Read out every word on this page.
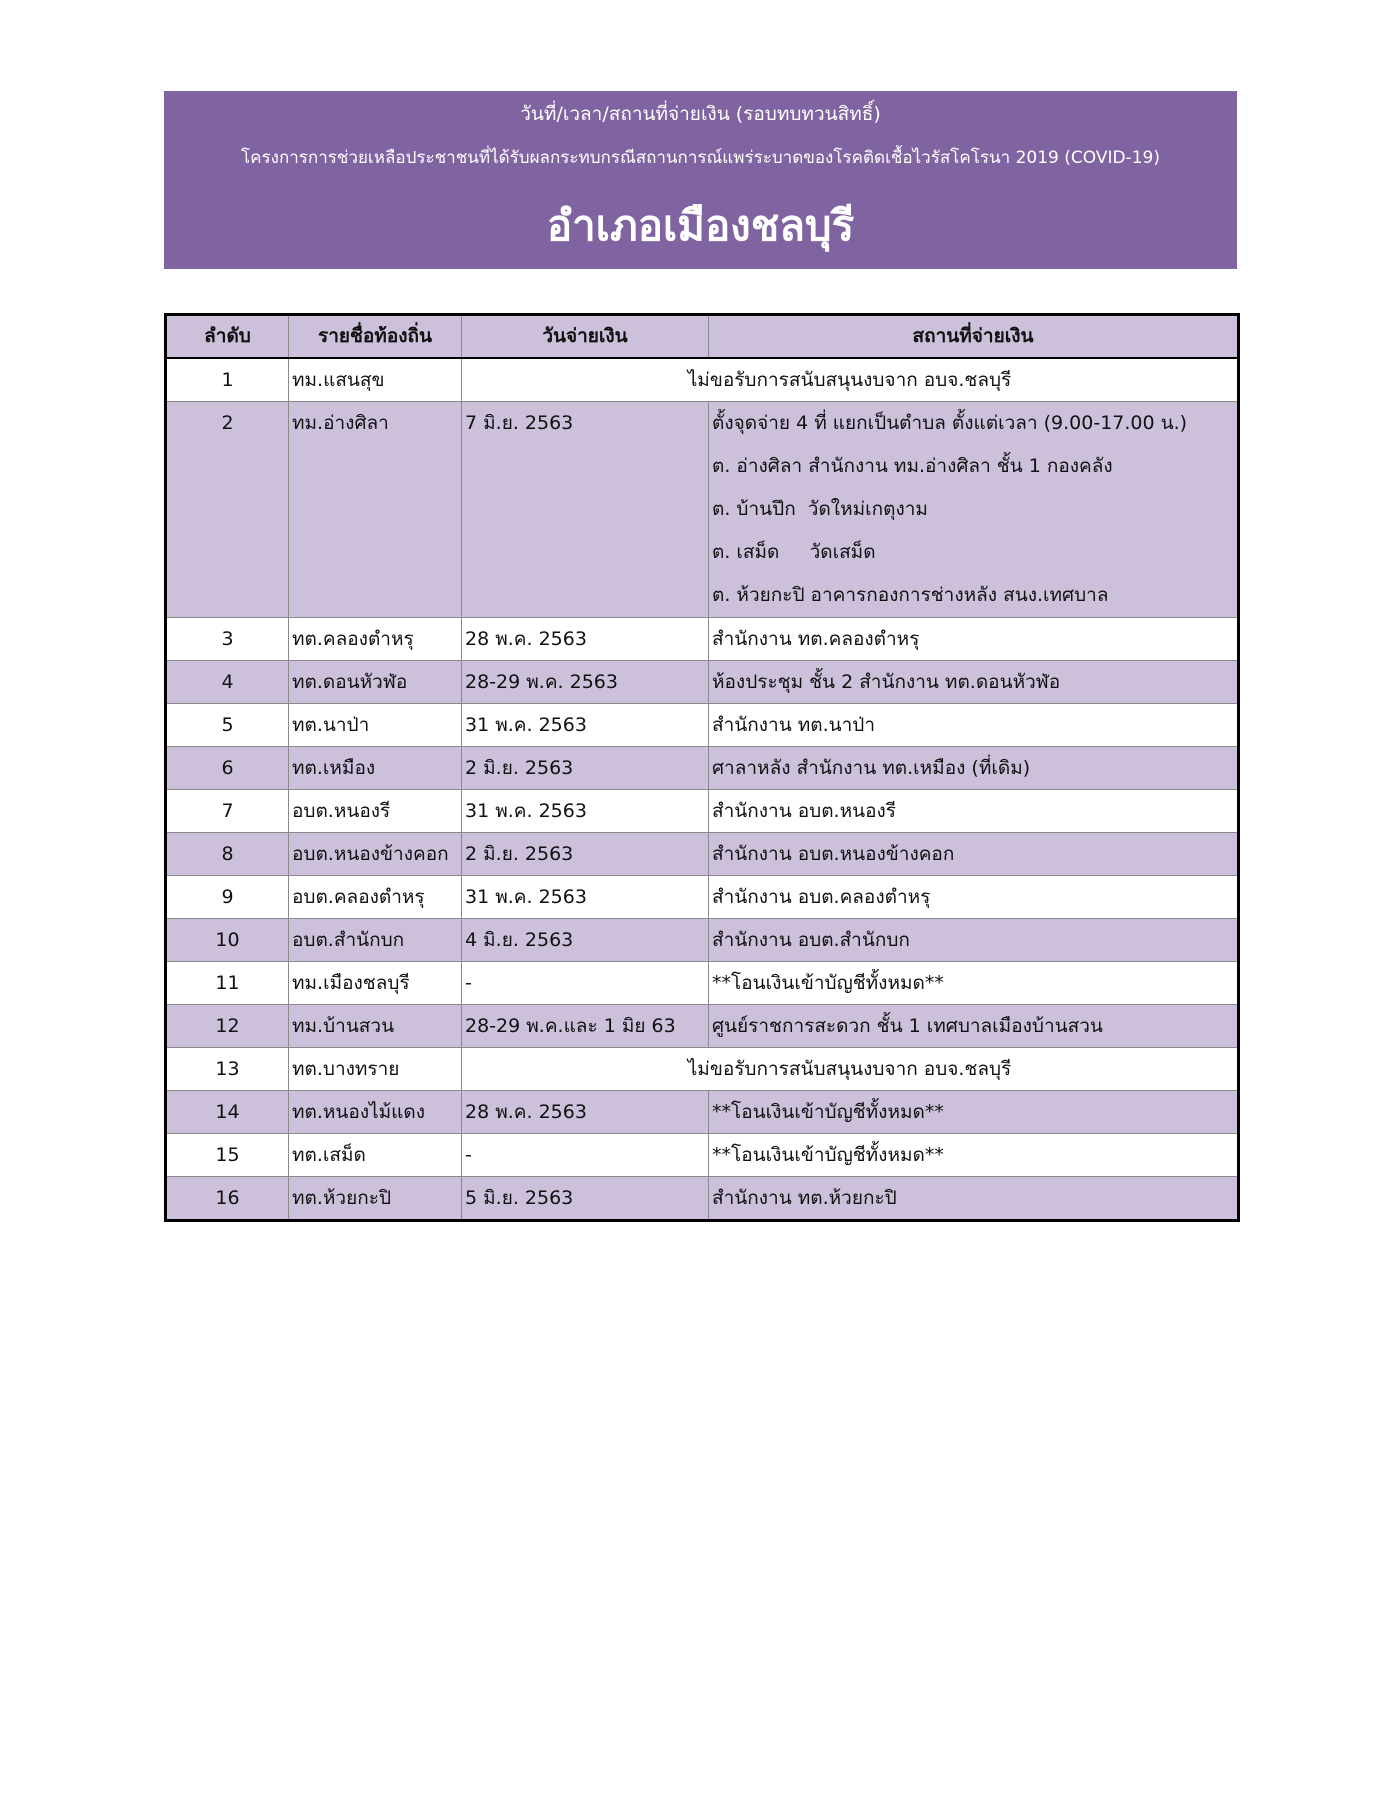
วันที่/เวลา/สถานที่จ่ายเงิน (รอบทบทวนสิทธิ์)
โครงการการช่วยเหลือประชาชนที่ได้รับผลกระทบกรณีสถานการณ์แพร่ระบาดของโรคติดเชื้อไวรัสโคโรนา 2019 (COVID-19)
อำเภอเมืองชลบุรี
ลำดับ	รายชื่อท้องถิ่น	วันจ่ายเงิน	สถานที่จ่ายเงิน
1	ทม.แสนสุข	ไม่ขอรับการสนับสนุนงบจาก อบจ.ชลบุรี	
2	ทม.อ่างศิลา	7 มิ.ย. 2563	ตั้งจุดจ่าย 4 ที่ แยกเป็นตำบล ตั้งแต่เวลา (9.00-17.00 น.)
ต. อ่างศิลา สำนักงาน ทม.อ่างศิลา ชั้น 1 กองคลัง
ต. บ้านปึก  วัดใหม่เกตุงาม
ต. เสม็ด     วัดเสม็ด
ต. ห้วยกะปิ อาคารกองการช่างหลัง สนง.เทศบาล

3	ทต.คลองตำหรุ	28 พ.ค. 2563	สำนักงาน ทต.คลองตำหรุ
4	ทต.ดอนหัวฬ่อ	28-29 พ.ค. 2563	ห้องประชุม ชั้น 2 สำนักงาน ทต.ดอนหัวฬ่อ
5	ทต.นาป่า	31 พ.ค. 2563	สำนักงาน ทต.นาป่า
6	ทต.เหมือง	2 มิ.ย. 2563	ศาลาหลัง สำนักงาน ทต.เหมือง (ที่เดิม)
7	อบต.หนองรี	31 พ.ค. 2563	สำนักงาน อบต.หนองรี
8	อบต.หนองข้างคอก	2 มิ.ย. 2563	สำนักงาน อบต.หนองข้างคอก
9	อบต.คลองตำหรุ	31 พ.ค. 2563	สำนักงาน อบต.คลองตำหรุ
10	อบต.สำนักบก	4 มิ.ย. 2563	สำนักงาน อบต.สำนักบก
11	ทม.เมืองชลบุรี	-	**โอนเงินเข้าบัญชีทั้งหมด**
12	ทม.บ้านสวน	28-29 พ.ค.และ 1 มิย 63	ศูนย์ราชการสะดวก ชั้น 1 เทศบาลเมืองบ้านสวน
13	ทต.บางทราย	ไม่ขอรับการสนับสนุนงบจาก อบจ.ชลบุรี	
14	ทต.หนองไม้แดง	28 พ.ค. 2563	**โอนเงินเข้าบัญชีทั้งหมด**
15	ทต.เสม็ด	-	**โอนเงินเข้าบัญชีทั้งหมด**
16	ทต.ห้วยกะปิ	5 มิ.ย. 2563	สำนักงาน ทต.ห้วยกะปิ
